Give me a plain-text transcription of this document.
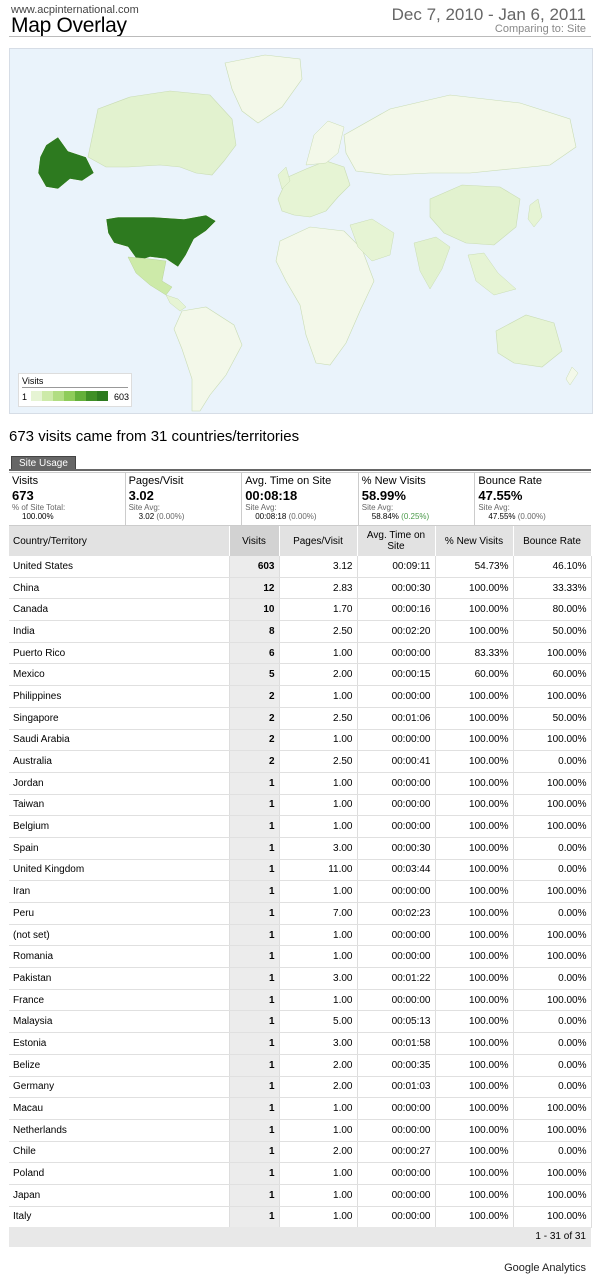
www.acpinternational.com
Map Overlay	Dec 7, 2010 - Jan 6, 2011
Comparing to: Site
Visits
1	603
673 visits came from 31 countries/territories
Site Usage
Visits
673
% of Site Total:
100.00%
Pages/Visit
3.02
Site Avg:
3.02 (0.00%)
Avg. Time on Site
00:08:18
Site Avg:
00:08:18 (0.00%)
% New Visits
58.99%
Site Avg:
58.84% (0.25%)
Bounce Rate
47.55%
Site Avg:
47.55% (0.00%)
Country/Territory	Visits	Pages/Visit	Avg. Time on Site	% New Visits	Bounce Rate
United States	603	3.12	00:09:11	54.73%	46.10%
China	12	2.83	00:00:30	100.00%	33.33%
Canada	10	1.70	00:00:16	100.00%	80.00%
India	8	2.50	00:02:20	100.00%	50.00%
Puerto Rico	6	1.00	00:00:00	83.33%	100.00%
Mexico	5	2.00	00:00:15	60.00%	60.00%
Philippines	2	1.00	00:00:00	100.00%	100.00%
Singapore	2	2.50	00:01:06	100.00%	50.00%
Saudi Arabia	2	1.00	00:00:00	100.00%	100.00%
Australia	2	2.50	00:00:41	100.00%	0.00%
Jordan	1	1.00	00:00:00	100.00%	100.00%
Taiwan	1	1.00	00:00:00	100.00%	100.00%
Belgium	1	1.00	00:00:00	100.00%	100.00%
Spain	1	3.00	00:00:30	100.00%	0.00%
United Kingdom	1	11.00	00:03:44	100.00%	0.00%
Iran	1	1.00	00:00:00	100.00%	100.00%
Peru	1	7.00	00:02:23	100.00%	0.00%
(not set)	1	1.00	00:00:00	100.00%	100.00%
Romania	1	1.00	00:00:00	100.00%	100.00%
Pakistan	1	3.00	00:01:22	100.00%	0.00%
France	1	1.00	00:00:00	100.00%	100.00%
Malaysia	1	5.00	00:05:13	100.00%	0.00%
Estonia	1	3.00	00:01:58	100.00%	0.00%
Belize	1	2.00	00:00:35	100.00%	0.00%
Germany	1	2.00	00:01:03	100.00%	0.00%
Macau	1	1.00	00:00:00	100.00%	100.00%
Netherlands	1	1.00	00:00:00	100.00%	100.00%
Chile	1	2.00	00:00:27	100.00%	0.00%
Poland	1	1.00	00:00:00	100.00%	100.00%
Japan	1	1.00	00:00:00	100.00%	100.00%
Italy	1	1.00	00:00:00	100.00%	100.00%
1 - 31 of 31
Google Analytics
